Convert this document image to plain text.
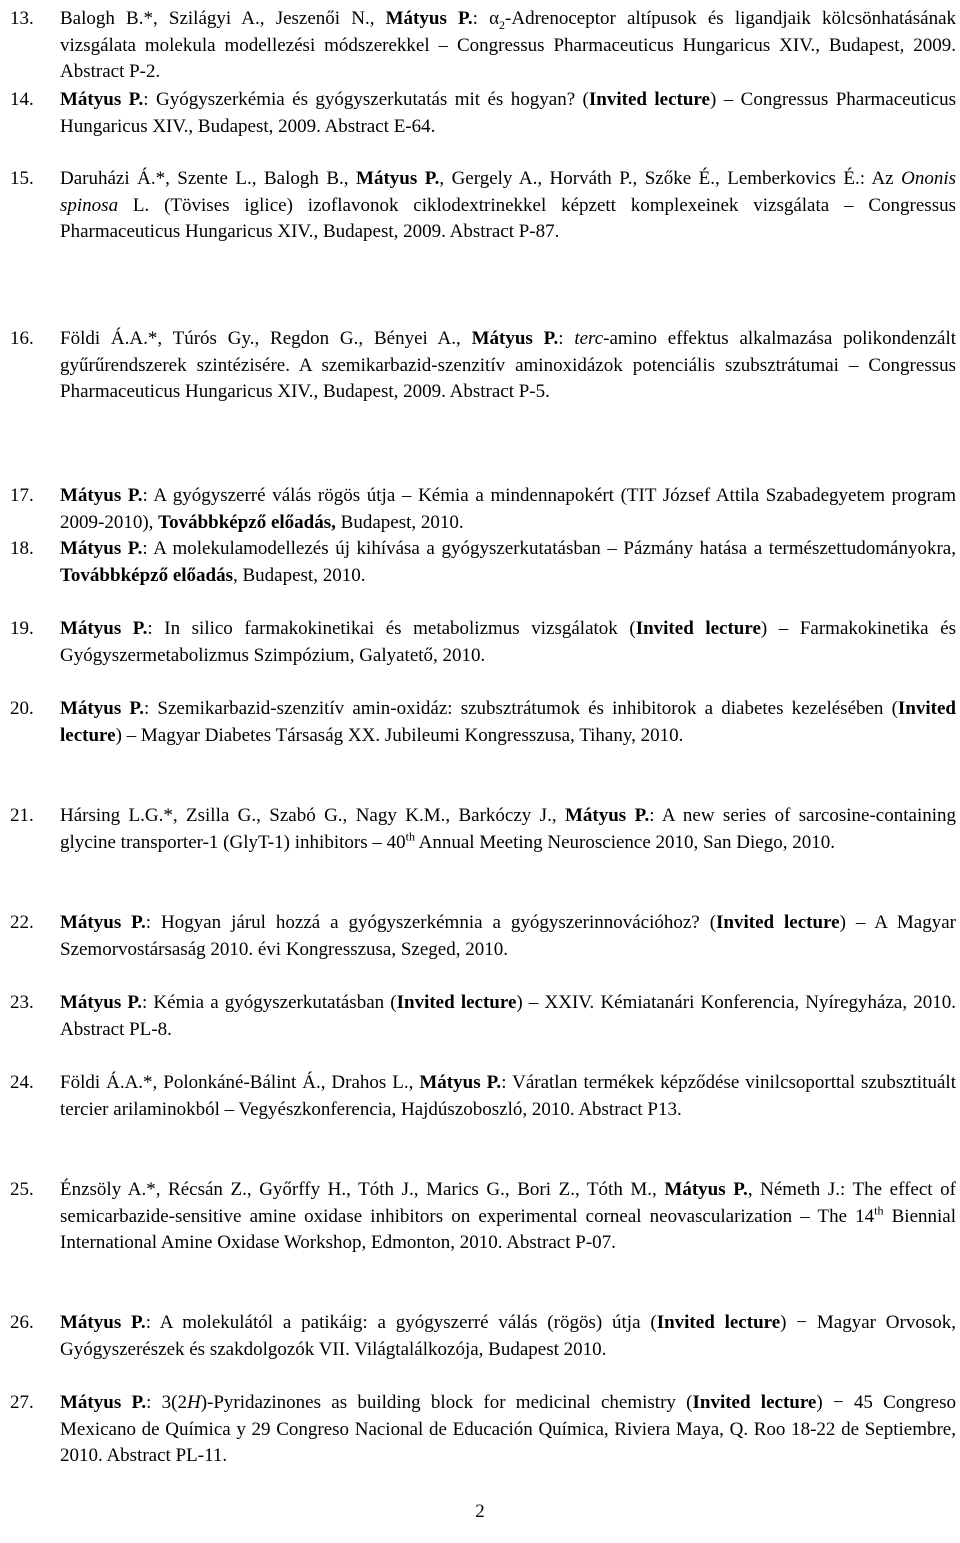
13. Balogh B.*, Szilágyi A., Jeszenői N., Mátyus P.: $\alpha_2$-Adrenoceptor altípusok és ligandjaik kölcsönhatásának vizsgálata molekula modellezési módszerekkel – Congressus Pharmaceuticus Hungaricus XIV., Budapest, 2009. Abstract P-2.
14. Mátyus P.: Gyógyszerkémia és gyógyszerkutatás mit és hogyan? (Invited lecture) – Congressus Pharmaceuticus Hungaricus XIV., Budapest, 2009. Abstract E-64.
15. Daruházi Á.*, Szente L., Balogh B., Mátyus P., Gergely A., Horváth P., Szőke É., Lemberkovics É.: Az Ononis spinosa L. (Tövises iglice) izoflavonok ciklodextrinekkel képzett komplexeinek vizsgálata – Congressus Pharmaceuticus Hungaricus XIV., Budapest, 2009. Abstract P-87.
16. Földi Á.A.*, Túrós Gy., Regdon G., Bényei A., Mátyus P.: terc-amino effektus alkalmazása polikondenzált gyűrűrendszerek szintézisére. A szemikarbazid-szenzitív aminoxidázok potenciális szubsztrátumai – Congressus Pharmaceuticus Hungaricus XIV., Budapest, 2009. Abstract P-5.
17. Mátyus P.: A gyógyszerré válás rögös útja – Kémia a mindennapokért (TIT József Attila Szabadegyetem program 2009-2010), Továbbképző előadás, Budapest, 2010.
18. Mátyus P.: A molekulamodellezés új kihívása a gyógyszerkutatásban – Pázmány hatása a természettudományokra, Továbbképző előadás, Budapest, 2010.
19. Mátyus P.: In silico farmakokinetikai és metabolizmus vizsgálatok (Invited lecture) – Farmakokinetika és Gyógyszermetabolizmus Szimpózium, Galyatető, 2010.
20. Mátyus P.: Szemikarbazid-szenzitív amin-oxidáz: szubsztrátumok és inhibitorok a diabetes kezelésében (Invited lecture) – Magyar Diabetes Társaság XX. Jubileumi Kongresszusa, Tihany, 2010.
21. Hársing L.G.*, Zsilla G., Szabó G., Nagy K.M., Barkóczy J., Mátyus P.: A new series of sarcosine-containing glycine transporter-1 (GlyT-1) inhibitors – 40th Annual Meeting Neuroscience 2010, San Diego, 2010.
22. Mátyus P.: Hogyan járul hozzá a gyógyszerkémnia a gyógyszerinnovációhoz? (Invited lecture) – A Magyar Szemorvostársaság 2010. évi Kongresszusa, Szeged, 2010.
23. Mátyus P.: Kémia a gyógyszerkutatásban (Invited lecture) – XXIV. Kémiatanári Konferencia, Nyíregyháza, 2010. Abstract PL-8.
24. Földi Á.A.*, Polonkáné-Bálint Á., Drahos L., Mátyus P.: Váratlan termékek képződése vinilcsoporttal szubsztituált tercier arilaminokból – Vegyészkonferencia, Hajdúszoboszló, 2010. Abstract P13.
25. Énzsöly A.*, Récsán Z., Győrffy H., Tóth J., Marics G., Bori Z., Tóth M., Mátyus P., Németh J.: The effect of semicarbazide-sensitive amine oxidase inhibitors on experimental corneal neovascularization – The 14th Biennial International Amine Oxidase Workshop, Edmonton, 2010. Abstract P-07.
26. Mátyus P.: A molekulától a patikáig: a gyógyszerré válás (rögös) útja (Invited lecture) − Magyar Orvosok, Gyógyszerészek és szakdolgozók VII. Világtalálkozója, Budapest 2010.
27. Mátyus P.: 3(2H)-Pyridazinones as building block for medicinal chemistry (Invited lecture) − 45 Congreso Mexicano de Química y 29 Congreso Nacional de Educación Química, Riviera Maya, Q. Roo 18-22 de Septiembre, 2010. Abstract PL-11.
2
